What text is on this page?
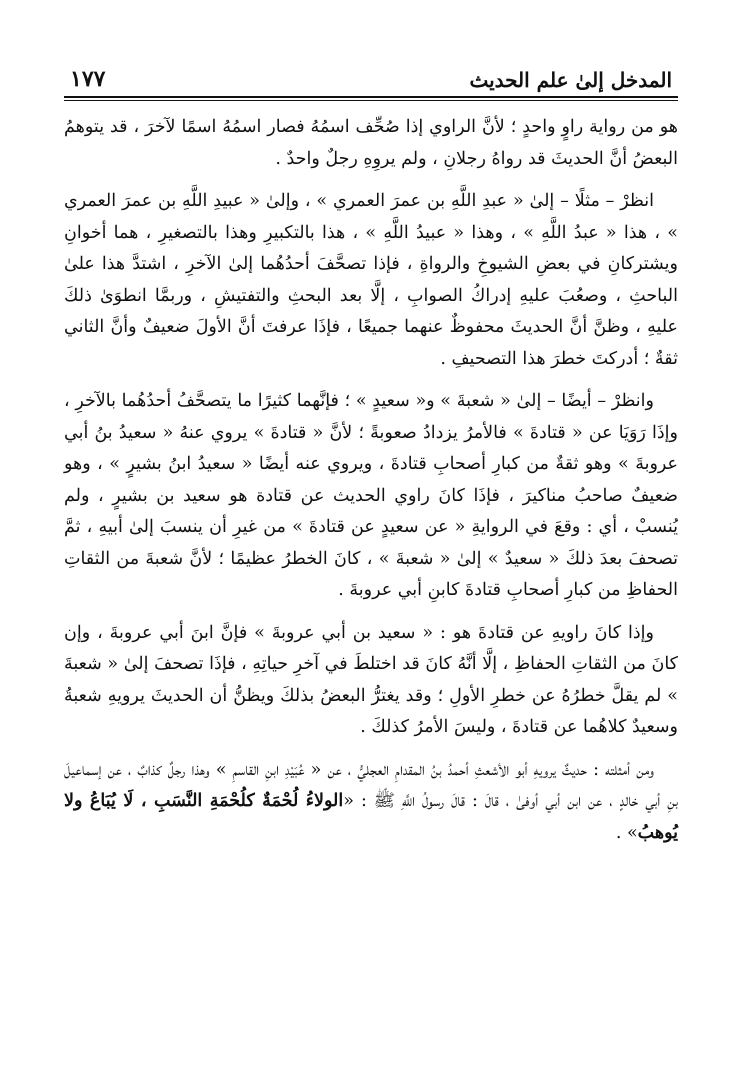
المدخل إلىٰ علم الحديث
١٧٧

هو من رواية راوٍ واحدٍ ؛ لأنَّ الراوي إذا صُحِّف اسمُهُ فصار اسمُهُ اسمًا لآخرَ ، قد يتوهمُ البعضُ أنَّ الحديثَ قد رواهُ رجلانِ ، ولم يروِهِ رجلٌ واحدٌ .

انظرْ – مثلًا – إلىٰ « عبدِ اللَّهِ بن عمرَ العمري » ، وإلىٰ « عبيدِ اللَّهِ بن عمرَ العمري » ، هذا « عبدُ اللَّهِ » ، وهذا « عبيدُ اللَّهِ » ، هذا بالتكبيرِ وهذا بالتصغيرِ ، هما أخوانِ ويشتركانِ في بعضِ الشيوخِ والرواةِ ، فإذا تصحَّفَ أحدُهُما إلىٰ الآخرِ ، اشتدَّ هذا علىٰ الباحثِ ، وصعُبَ عليهِ إدراكُ الصوابِ ، إلَّا بعد البحثِ والتفتيشِ ، وربمَّا انطوَىٰ ذلكَ عليهِ ، وظنَّ أنَّ الحديثَ محفوظٌ عنهما جميعًا ، فإذَا عرفتَ أنَّ الأولَ ضعيفٌ وأنَّ الثاني ثقةٌ ؛ أدركتَ خطرَ هذا التصحيفِ .

وانظرْ – أيضًا – إلىٰ « شعبةَ » و« سعيدٍ » ؛ فإنَّهما كثيرًا ما يتصحَّفُ أحدُهُما بالآخرِ ، وإذَا رَوَيَا عن « قتادةَ » فالأمرُ يزدادُ صعوبةً ؛ لأنَّ « قتادةَ » يروي عنهُ « سعيدُ بنُ أبي عروبةَ » وهو ثقةٌ من كبارِ أصحابِ قتادةَ ، ويروي عنه أيضًا « سعيدُ ابنُ بشيرٍ » ، وهو ضعيفٌ صاحبُ مناكيرَ ، فإذَا كانَ راوي الحديث عن قتادة هو سعيد بن بشيرٍ ، ولم يُنسبْ ، أي : وقعَ في الروايةِ « عن سعيدٍ عن قتادةَ » من غيرِ أن ينسبَ إلىٰ أبيهِ ، ثمَّ تصحفَ بعدَ ذلكَ « سعيدٌ » إلىٰ « شعبةَ » ، كانَ الخطرُ عظيمًا ؛ لأنَّ شعبةَ من الثقاتِ الحفاظِ من كبارِ أصحابِ قتادةَ كابنِ أبي عروبةَ .

وإذا كانَ راويهِ عن قتادةَ هو : « سعيد بن أبي عروبةَ » فإنَّ ابنَ أبي عروبةَ ، وإن كانَ من الثقاتِ الحفاظِ ، إلَّا أنَّهُ كانَ قد اختلطَ في آخرِ حياتِهِ ، فإذَا تصحفَ إلىٰ « شعبةَ » لم يقلَّ خطرُهُ عن خطرِ الأولِ ؛ وقد يغترُّ البعضُ بذلكَ ويظنُّ أن الحديثَ يرويهِ شعبةُ وسعيدٌ كلاهُما عن قتادةَ ، وليسَ الأمرُ كذلكَ .

ومن أمثلته : حديثٌ يرويهِ أبو الأشعثِ أحمدُ بنُ المقدامِ العجليُّ ، عن « عُبَيْدِ ابنِ القاسمِ » وهذا رجلٌ كذابٌ ، عن إسماعيلَ بنِ أبي خالدٍ ، عن ابن أبي أوفىٰ ، قالَ : قالَ رسولُ اللَّهِ ﷺ : «الولاءُ لُحْمَةٌ كلُحْمَةِ النَّسَبِ ، لَا يُبَاعُ ولا يُوهبُ» .
